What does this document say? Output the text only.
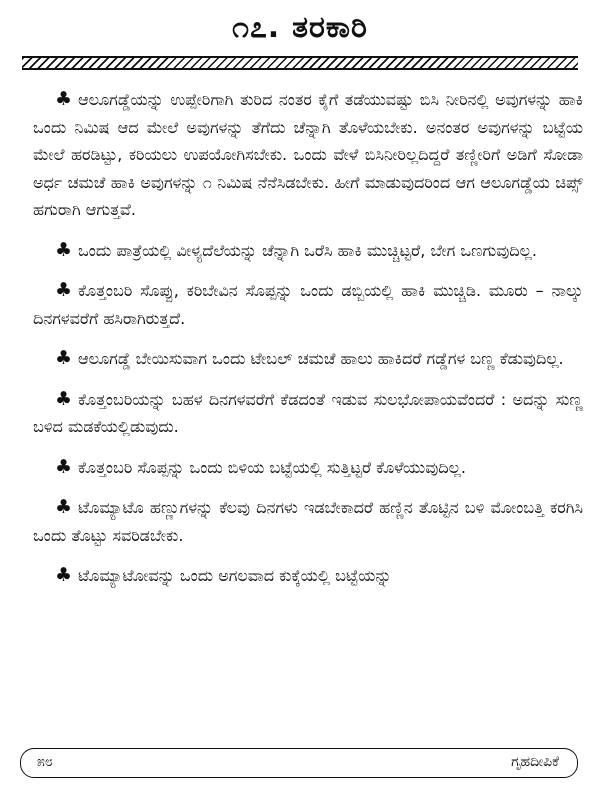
೧೭. ತರಕಾರಿ

♣ ಆಲೂಗಡ್ಡೆಯನ್ನು ಉಪ್ಪೇರಿಗಾಗಿ ತುರಿದ ನಂತರ ಕೈಗೆ ತಡೆಯುವಷ್ಟು ಬಿಸಿ ನೀರಿನಲ್ಲಿ ಅವುಗಳನ್ನು ಹಾಕಿ ಒಂದು ನಿಮಿಷ ಆದ ಮೇಲೆ ಅವುಗಳನ್ನು ತೆಗೆದು ಚೆನ್ನಾಗಿ ತೊಳೆಯಬೇಕು. ಅನಂತರ ಅವುಗಳನ್ನು ಬಟ್ಟೆಯ ಮೇಲೆ ಹರಡಿಟ್ಟು, ಕರಿಯಲು ಉಪಯೋಗಿಸಬೇಕು. ಒಂದು ವೇಳೆ ಬಿಸಿನೀರಿಲ್ಲದಿದ್ದರೆ ತಣ್ಣೀರಿಗೆ ಅಡಿಗೆ ಸೋಡಾ ಅರ್ಧ ಚಮಚೆ ಹಾಕಿ ಅವುಗಳನ್ನು ೧ ನಿಮಿಷ ನೆನೆಸಿಡಬೇಕು. ಹೀಗೆ ಮಾಡುವುದರಿಂದ ಆಗ ಆಲೂಗಡ್ಡೆಯ ಚಿಪ್ಸ್ ಹಗುರಾಗಿ ಆಗುತ್ತವೆ.

♣ ಒಂದು ಪಾತ್ರೆಯಲ್ಲಿ ವೀಳ್ಯದೆಲೆಯನ್ನು ಚೆನ್ನಾಗಿ ಒರೆಸಿ ಹಾಕಿ ಮುಚ್ಚಿಟ್ಟರೆ, ಬೇಗ ಒಣಗುವುದಿಲ್ಲ.

♣ ಕೊತ್ತಂಬರಿ ಸೊಪ್ಪು, ಕರಿಬೇವಿನ ಸೊಪ್ಪನ್ನು ಒಂದು ಡಬ್ಬಿಯಲ್ಲಿ ಹಾಕಿ ಮುಚ್ಚಿಡಿ. ಮೂರು – ನಾಲ್ಕು ದಿನಗಳವರೆಗೆ ಹಸಿರಾಗಿರುತ್ತದೆ.

♣ ಆಲೂಗಡ್ಡೆ ಬೇಯಿಸುವಾಗ ಒಂದು ಟೇಬಲ್ ಚಮಚೆ ಹಾಲು ಹಾಕಿದರೆ ಗಡ್ಡೆಗಳ ಬಣ್ಣ ಕೆಡುವುದಿಲ್ಲ.

♣ ಕೊತ್ತಂಬರಿಯನ್ನು ಬಹಳ ದಿನಗಳವರೆಗೆ ಕೆಡದಂತೆ ಇಡುವ ಸುಲಭೋಪಾಯವೆಂದರೆ : ಅದನ್ನು ಸುಣ್ಣ ಬಳಿದ ಮಡಕೆಯಲ್ಲಿಡುವುದು.

♣ ಕೊತ್ತಂಬರಿ ಸೊಪ್ಪನ್ನು ಒಂದು ಬಿಳಿಯ ಬಟ್ಟೆಯಲ್ಲಿ ಸುತ್ತಿಟ್ಟರೆ ಕೊಳೆಯುವುದಿಲ್ಲ.

♣ ಟೊಮ್ಯಾಟೊ ಹಣ್ಣುಗಳನ್ನು ಕೆಲವು ದಿನಗಳು ಇಡಬೇಕಾದರೆ ಹಣ್ಣಿನ ತೊಟ್ಟಿನ ಬಳಿ ಮೋಂಬತ್ತಿ ಕರಗಿಸಿ ಒಂದು ತೊಟ್ಟು ಸವರಿಡಬೇಕು.

♣ ಟೊಮ್ಯಾಟೋವನ್ನು ಒಂದು ಅಗಲವಾದ ಕುಕ್ಕೆಯಲ್ಲಿ ಬಟ್ಟೆಯನ್ನು

೫೮	ಗೃಹದೀಪಿಕೆ
